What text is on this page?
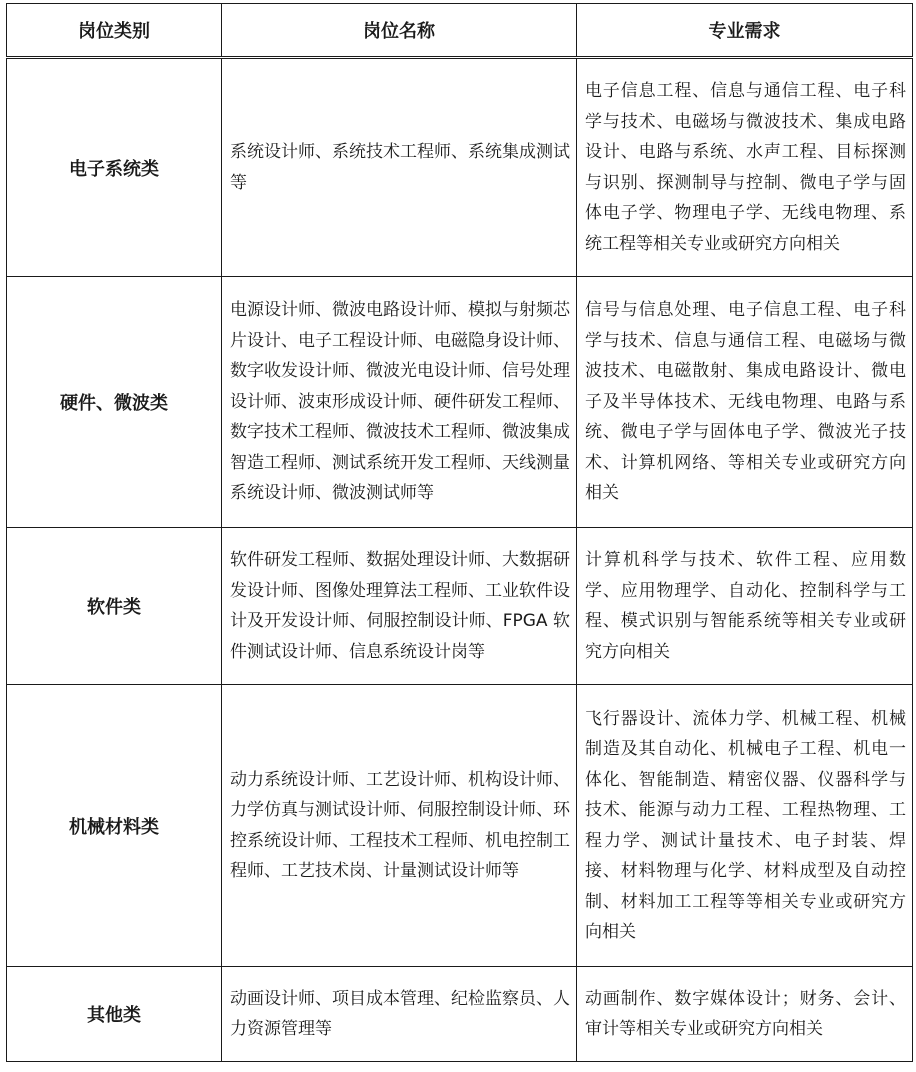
岗位类别	岗位名称	专业需求
电子系统类	系统设计师、系统技术工程师、系统集成测试等	电子信息工程、信息与通信工程、电子科学与技术、电磁场与微波技术、集成电路设计、电路与系统、水声工程、目标探测与识别、探测制导与控制、微电子学与固体电子学、物理电子学、无线电物理、系统工程等相关专业或研究方向相关
硬件、微波类	电源设计师、微波电路设计师、模拟与射频芯片设计、电子工程设计师、电磁隐身设计师、数字收发设计师、微波光电设计师、信号处理设计师、波束形成设计师、硬件研发工程师、数字技术工程师、微波技术工程师、微波集成智造工程师、测试系统开发工程师、天线测量系统设计师、微波测试师等	信号与信息处理、电子信息工程、电子科学与技术、信息与通信工程、电磁场与微波技术、电磁散射、集成电路设计、微电子及半导体技术、无线电物理、电路与系统、微电子学与固体电子学、微波光子技术、计算机网络、等相关专业或研究方向相关
软件类	软件研发工程师、数据处理设计师、大数据研发设计师、图像处理算法工程师、工业软件设计及开发设计师、伺服控制设计师、FPGA 软件测试设计师、信息系统设计岗等	计算机科学与技术、软件工程、应用数学、应用物理学、自动化、控制科学与工程、模式识别与智能系统等相关专业或研究方向相关
机械材料类	动力系统设计师、工艺设计师、机构设计师、力学仿真与测试设计师、伺服控制设计师、环控系统设计师、工程技术工程师、机电控制工程师、工艺技术岗、计量测试设计师等	飞行器设计、流体力学、机械工程、机械制造及其自动化、机械电子工程、机电一体化、智能制造、精密仪器、仪器科学与技术、能源与动力工程、工程热物理、工程力学、测试计量技术、电子封装、焊接、材料物理与化学、材料成型及自动控制、材料加工工程等等相关专业或研究方向相关
其他类	动画设计师、项目成本管理、纪检监察员、人力资源管理等	动画制作、数字媒体设计；财务、会计、审计等相关专业或研究方向相关
